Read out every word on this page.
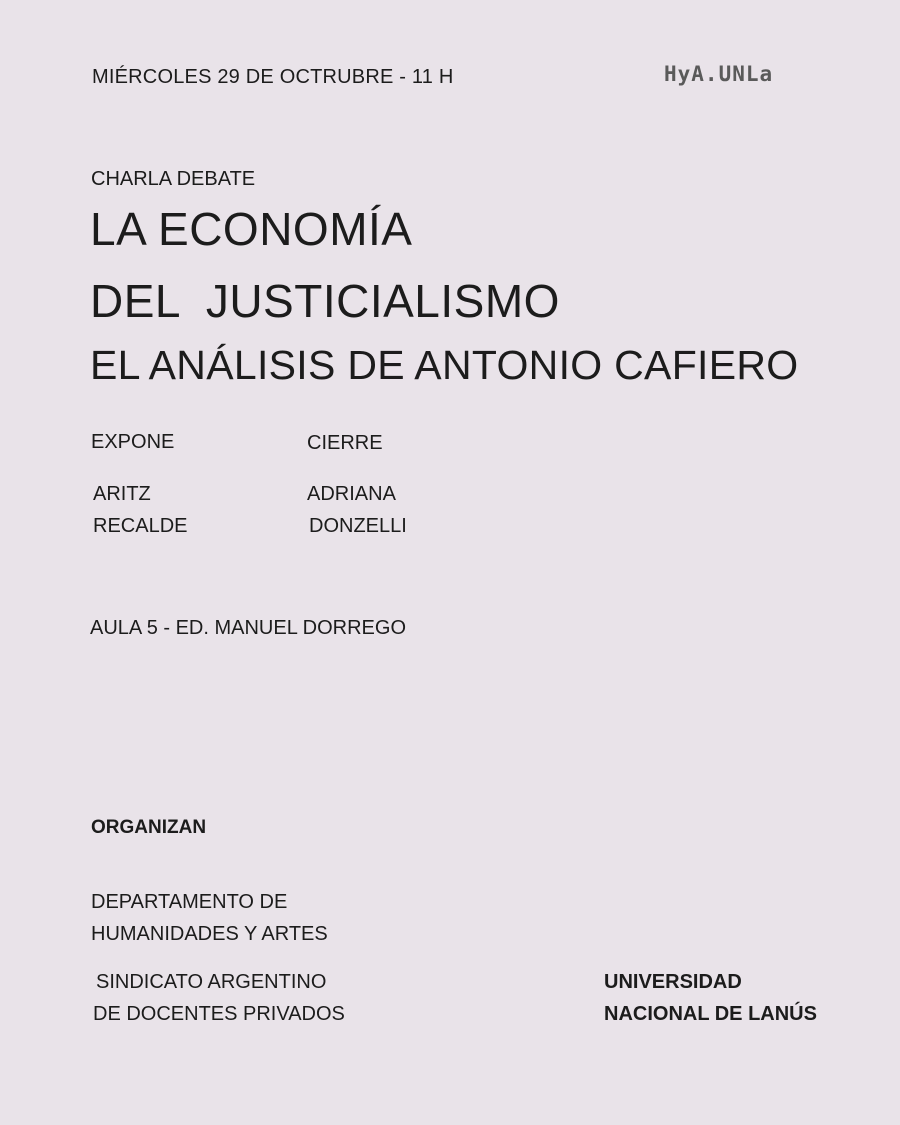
MIÉRCOLES 29 DE OCTRUBRE - 11 H	HyA.UNLa
CHARLA DEBATE
LA ECONOMÍA
DEL  JUSTICIALISMO
EL ANÁLISIS DE ANTONIO CAFIERO
EXPONE	CIERRE
ARITZ
RECALDE
ADRIANA
DONZELLI
AULA 5 - ED. MANUEL DORREGO
ORGANIZAN
DEPARTAMENTO DE
HUMANIDADES Y ARTES
SINDICATO ARGENTINO
DE DOCENTES PRIVADOS
UNIVERSIDAD
NACIONAL DE LANÚS
